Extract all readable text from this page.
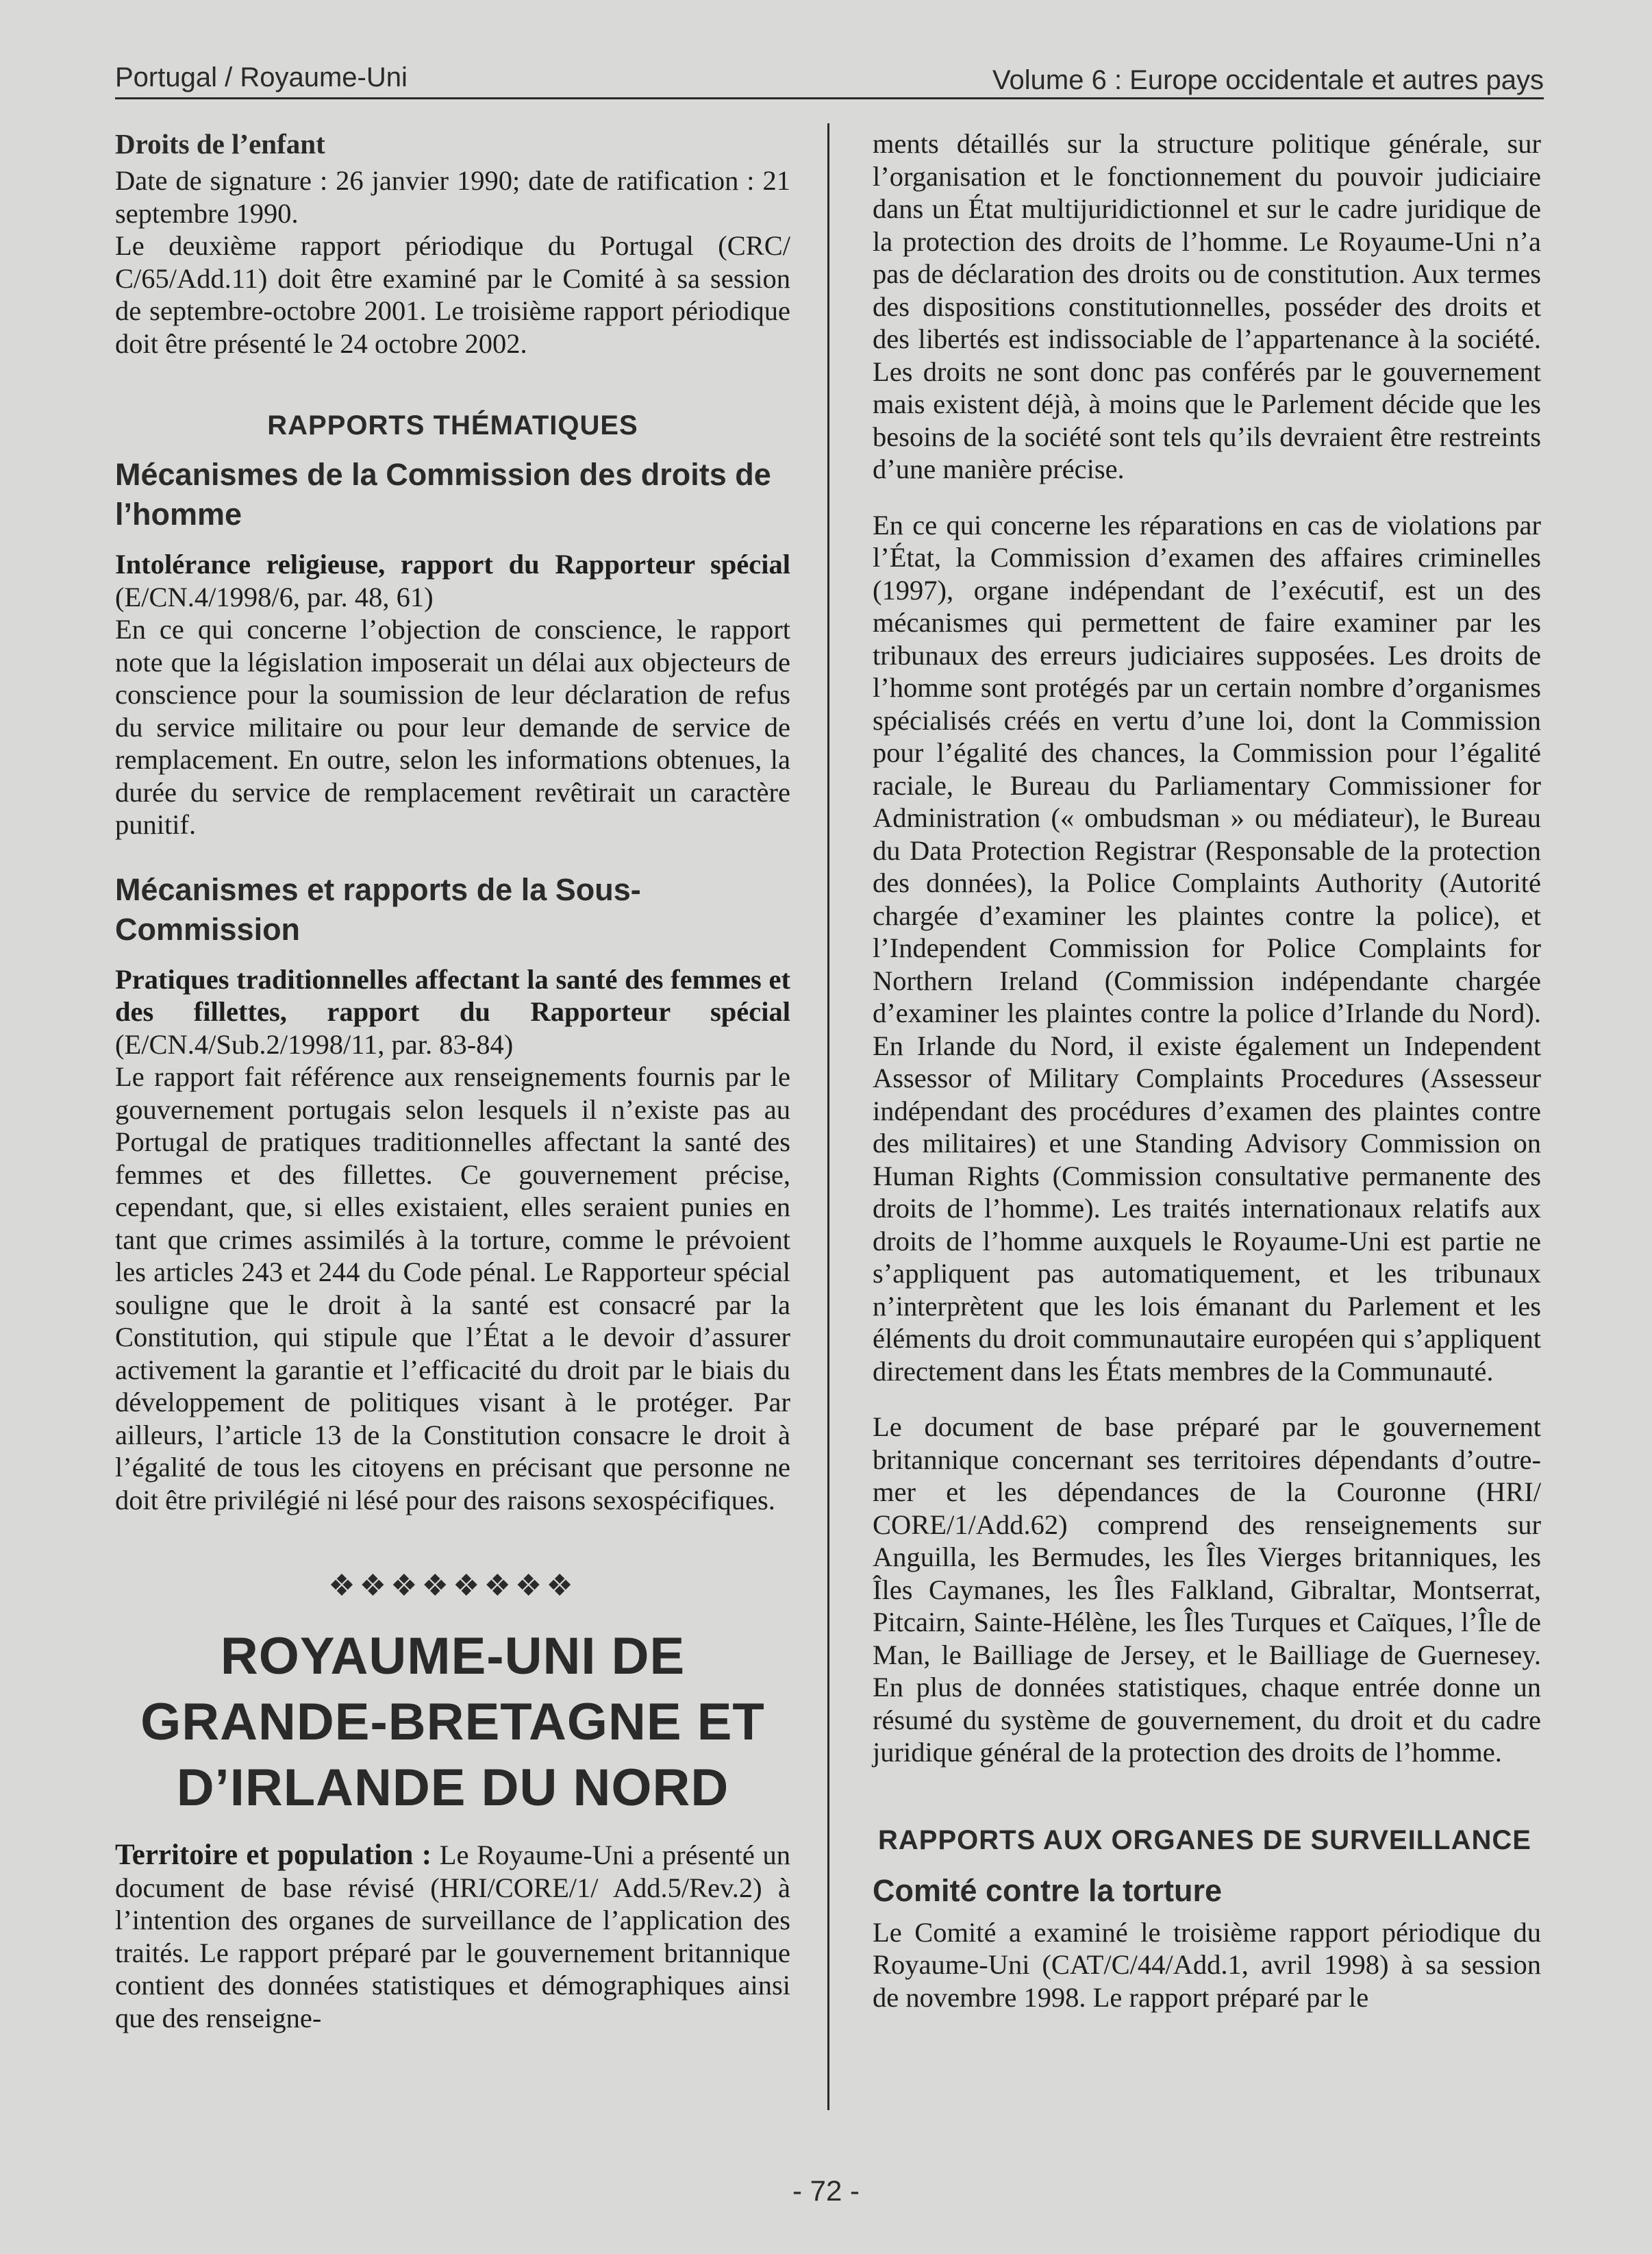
Portugal / Royaume-Uni	Volume 6 : Europe occidentale et autres pays
Droits de l’enfant

Date de signature : 26 janvier 1990; date de ratification : 21 septembre 1990.
Le deuxième rapport périodique du Portugal (CRC/ C/65/Add.11) doit être examiné par le Comité à sa session de septembre-octobre 2001. Le troisième rapport périodique doit être présenté le 24 octobre 2002.

RAPPORTS THÉMATIQUES
Mécanismes de la Commission des droits de l’homme

Intolérance religieuse, rapport du Rapporteur spécial (E/CN.4/1998/6, par. 48, 61)

En ce qui concerne l’objection de conscience, le rapport note que la législation imposerait un délai aux objecteurs de conscience pour la soumission de leur déclaration de refus du service militaire ou pour leur demande de service de remplacement. En outre, selon les informations obtenues, la durée du service de remplacement revêtirait un caractère punitif.

Mécanismes et rapports de la Sous-Commission

Pratiques traditionnelles affectant la santé des femmes et des fillettes, rapport du Rapporteur spécial (E/CN.4/Sub.2/1998/11, par. 83-84)

Le rapport fait référence aux renseignements fournis par le gouvernement portugais selon lesquels il n’existe pas au Portugal de pratiques traditionnelles affectant la santé des femmes et des fillettes. Ce gouvernement précise, cependant, que, si elles existaient, elles seraient punies en tant que crimes assimilés à la torture, comme le prévoient les articles 243 et 244 du Code pénal. Le Rapporteur spécial souligne que le droit à la santé est consacré par la Constitution, qui stipule que l’État a le devoir d’assurer activement la garantie et l’efficacité du droit par le biais du développement de politiques visant à le protéger. Par ailleurs, l’article 13 de la Constitution consacre le droit à l’égalité de tous les citoyens en précisant que personne ne doit être privilégié ni lésé pour des raisons sexospécifiques.

❖❖❖❖❖❖❖❖
ROYAUME-UNI DE
GRANDE-BRETAGNE ET
D’IRLANDE DU NORD

Territoire et population : Le Royaume-Uni a présenté un document de base révisé (HRI/CORE/1/ Add.5/Rev.2) à l’intention des organes de surveillance de l’application des traités. Le rapport préparé par le gouvernement britannique contient des données statistiques et démographiques ainsi que des renseigne-

ments détaillés sur la structure politique générale, sur l’organisation et le fonctionnement du pouvoir judiciaire dans un État multijuridictionnel et sur le cadre juridique de la protection des droits de l’homme. Le Royaume-Uni n’a pas de déclaration des droits ou de constitution. Aux termes des dispositions constitutionnelles, posséder des droits et des libertés est indissociable de l’appartenance à la société. Les droits ne sont donc pas conférés par le gouvernement mais existent déjà, à moins que le Parlement décide que les besoins de la société sont tels qu’ils devraient être restreints d’une manière précise.

En ce qui concerne les réparations en cas de violations par l’État, la Commission d’examen des affaires criminelles (1997), organe indépendant de l’exécutif, est un des mécanismes qui permettent de faire examiner par les tribunaux des erreurs judiciaires supposées. Les droits de l’homme sont protégés par un certain nombre d’organismes spécialisés créés en vertu d’une loi, dont la Commission pour l’égalité des chances, la Commission pour l’égalité raciale, le Bureau du Parliamentary Commissioner for Administration (« ombudsman » ou médiateur), le Bureau du Data Protection Registrar (Responsable de la protection des données), la Police Complaints Authority (Autorité chargée d’examiner les plaintes contre la police), et l’Independent Commission for Police Complaints for Northern Ireland (Commission indépendante chargée d’examiner les plaintes contre la police d’Irlande du Nord). En Irlande du Nord, il existe également un Independent Assessor of Military Complaints Procedures (Assesseur indépendant des procédures d’examen des plaintes contre des militaires) et une Standing Advisory Commission on Human Rights (Commission consultative permanente des droits de l’homme). Les traités internationaux relatifs aux droits de l’homme auxquels le Royaume-Uni est partie ne s’appliquent pas automatiquement, et les tribunaux n’interprètent que les lois émanant du Parlement et les éléments du droit communautaire européen qui s’appliquent directement dans les États membres de la Communauté.

Le document de base préparé par le gouvernement britannique concernant ses territoires dépendants d’outre-mer et les dépendances de la Couronne (HRI/ CORE/1/Add.62) comprend des renseignements sur Anguilla, les Bermudes, les Îles Vierges britanniques, les Îles Caymanes, les Îles Falkland, Gibraltar, Montserrat, Pitcairn, Sainte-Hélène, les Îles Turques et Caïques, l’Île de Man, le Bailliage de Jersey, et le Bailliage de Guernesey. En plus de données statistiques, chaque entrée donne un résumé du système de gouvernement, du droit et du cadre juridique général de la protection des droits de l’homme.

RAPPORTS AUX ORGANES DE SURVEILLANCE
Comité contre la torture

Le Comité a examiné le troisième rapport périodique du Royaume-Uni (CAT/C/44/Add.1, avril 1998) à sa session de novembre 1998. Le rapport préparé par le

- 72 -
